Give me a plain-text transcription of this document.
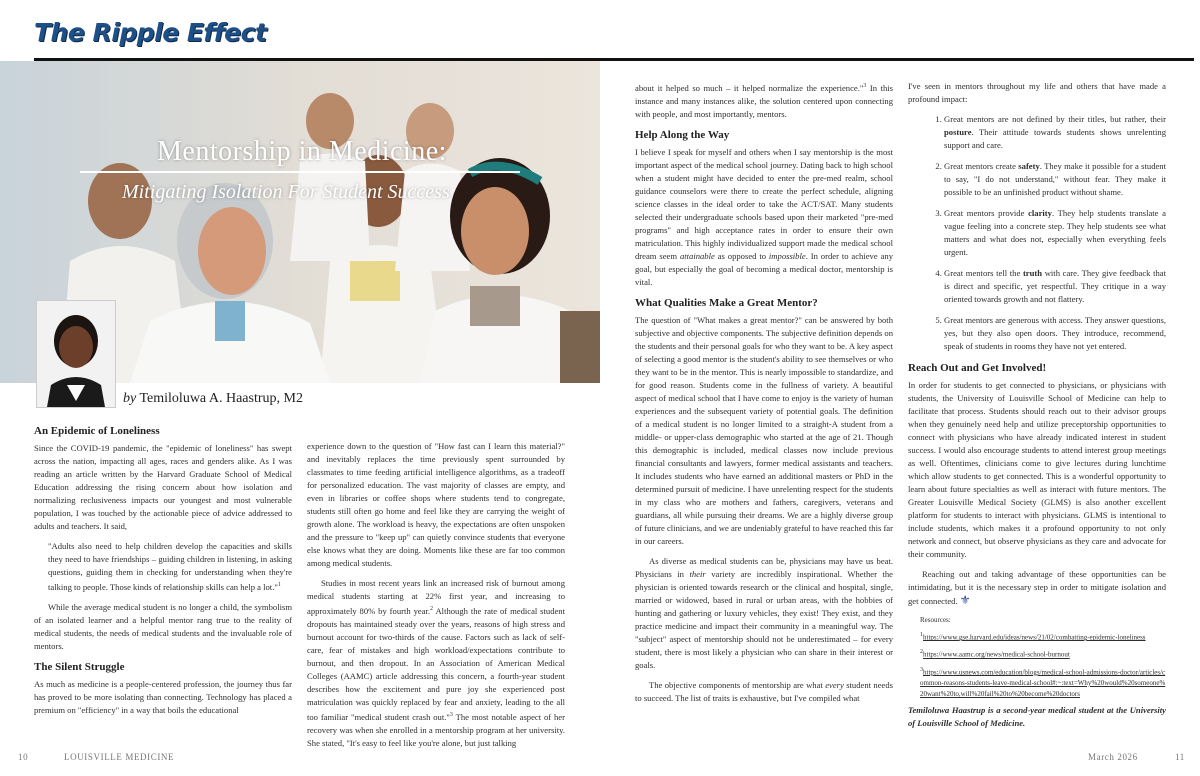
The Ripple Effect
Mentorship in Medicine:
Mitigating Isolation For Student Success
by Temiloluwa A. Haastrup, M2
An Epidemic of Loneliness

Since the COVID-19 pandemic, the "epidemic of loneliness" has swept across the nation, impacting all ages, races and genders alike. As I was reading an article written by the Harvard Graduate School of Medical Education addressing the rising concern about how isolation and normalizing reclusiveness impacts our youngest and most vulnerable population, I was touched by the actionable piece of advice addressed to adults and teachers. It said,

"Adults also need to help children develop the capacities and skills they need to have friendships – guiding children in listening, in asking questions, guiding them in checking for understanding when they're talking to people. Those kinds of relationship skills can help a lot."$^1$

While the average medical student is no longer a child, the symbolism of an isolated learner and a helpful mentor rang true to the reality of medical students, the needs of medical students and the invaluable role of mentors.

The Silent Struggle

As much as medicine is a people-centered profession, the journey thus far has proved to be more isolating than connecting. Technology has placed a premium on "efficiency" in a way that boils the educational

experience down to the question of "How fast can I learn this material?" and inevitably replaces the time previously spent surrounded by classmates to time feeding artificial intelligence algorithms, as a tradeoff for personalized education. The vast majority of classes are empty, and even in libraries or coffee shops where students tend to congregate, students still often go home and feel like they are carrying the weight of growth alone. The workload is heavy, the expectations are often unspoken and the pressure to "keep up" can quietly convince students that everyone else knows what they are doing. Moments like these are far too common among medical students.

Studies in most recent years link an increased risk of burnout among medical students starting at 22% first year, and increasing to approximately 80% by fourth year.$^2$ Although the rate of medical student dropouts has maintained steady over the years, reasons of high stress and burnout account for two-thirds of the cause. Factors such as lack of self-care, fear of mistakes and high workload/expectations contribute to burnout, and then dropout. In an Association of American Medical Colleges (AAMC) article addressing this concern, a fourth-year student describes how the excitement and pure joy she experienced post matriculation was quickly replaced by fear and anxiety, leading to the all too familiar "medical student crash out."$^3$ The most notable aspect of her recovery was when she enrolled in a mentorship program at her university. She stated, "It's easy to feel like you're alone, but just talking

about it helped so much – it helped normalize the experience."$^3$ In this instance and many instances alike, the solution centered upon connecting with people, and most importantly, mentors.

Help Along the Way

I believe I speak for myself and others when I say mentorship is the most important aspect of the medical school journey. Dating back to high school when a student might have decided to enter the pre-med realm, school guidance counselors were there to create the perfect schedule, aligning science classes in the ideal order to take the ACT/SAT. Many students selected their undergraduate schools based upon their marketed "pre-med programs" and high acceptance rates in order to ensure their own matriculation. This highly individualized support made the medical school dream seem attainable as opposed to impossible. In order to achieve any goal, but especially the goal of becoming a medical doctor, mentorship is vital.

What Qualities Make a Great Mentor?

The question of "What makes a great mentor?" can be answered by both subjective and objective components. The subjective definition depends on the students and their personal goals for who they want to be. A key aspect of selecting a good mentor is the student's ability to see themselves or who they want to be in the mentor. This is nearly impossible to standardize, and for good reason. Students come in the fullness of variety. A beautiful aspect of medical school that I have come to enjoy is the variety of human experiences and the subsequent variety of potential goals. The definition of a medical student is no longer limited to a straight-A student from a middle- or upper-class demographic who started at the age of 21. Though this demographic is included, medical classes now include previous financial consultants and lawyers, former medical assistants and teachers. It includes students who have earned an additional masters or PhD in the determined pursuit of medicine. I have unrelenting respect for the students in my class who are mothers and fathers, caregivers, veterans and guardians, all while pursuing their dreams. We are a highly diverse group of future clinicians, and we are undeniably grateful to have reached this far in our careers.

As diverse as medical students can be, physicians may have us beat. Physicians in their variety are incredibly inspirational. Whether the physician is oriented towards research or the clinical and hospital, single, married or widowed, based in rural or urban areas, with the hobbies of hunting and gathering or luxury vehicles, they exist! They exist, and they practice medicine and impact their community in a meaningful way. The "subject" aspect of mentorship should not be underestimated – for every student, there is most likely a physician who can share in their interest or goals.

The objective components of mentorship are what every student needs to succeed. The list of traits is exhaustive, but I've compiled what

I've seen in mentors throughout my life and others that have made a profound impact:

1. Great mentors are not defined by their titles, but rather, their posture. Their attitude towards students shows unrelenting support and care.
2. Great mentors create safety. They make it possible for a student to say, "I do not understand," without fear. They make it possible to be an unfinished product without shame.
3. Great mentors provide clarity. They help students translate a vague feeling into a concrete step. They help students see what matters and what does not, especially when everything feels urgent.
4. Great mentors tell the truth with care. They give feedback that is direct and specific, yet respectful. They critique in a way oriented towards growth and not flattery.
5. Great mentors are generous with access. They answer questions, yes, but they also open doors. They introduce, recommend, speak of students in rooms they have not yet entered.
Reach Out and Get Involved!

In order for students to get connected to physicians, or physicians with students, the University of Louisville School of Medicine can help to facilitate that process. Students should reach out to their advisor groups when they genuinely need help and utilize preceptorship opportunities to connect with physicians who have already indicated interest in student success. I would also encourage students to attend interest group meetings as well. Oftentimes, clinicians come to give lectures during lunchtime which allow students to get connected. This is a wonderful opportunity to learn about future specialties as well as interact with future mentors. The Greater Louisville Medical Society (GLMS) is also another excellent platform for students to interact with physicians. GLMS is intentional to include students, which makes it a profound opportunity to not only network and connect, but observe physicians as they care and advocate for their community.

Reaching out and taking advantage of these opportunities can be intimidating, but it is the necessary step in order to mitigate isolation and get connected. ⚜

Resources:

$^1$https://www.gse.harvard.edu/ideas/news/21/02/combatting-epidemic-loneliness

$^2$https://www.aamc.org/news/medical-school-burnout

$^3$https://www.usnews.com/education/blogs/medical-school-admissions-doctor/articles/common-reasons-students-leave-medical-school#:~:text=Why%20would%20someone%20want%20to,will%20fail%20to%20become%20doctors

Temiloluwa Haastrup is a second-year medical student at the University of Louisville School of Medicine.

10	LOUISVILLE MEDICINE	March 2026	11
